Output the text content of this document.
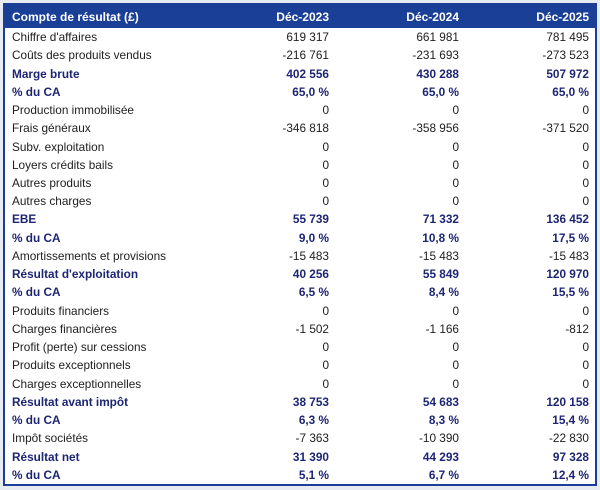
Compte de résultat (£)	Déc-2023	Déc-2024	Déc-2025
Chiffre d'affaires	619 317	661 981	781 495
Coûts des produits vendus	-216 761	-231 693	-273 523
Marge brute	402 556	430 288	507 972
% du CA	65,0 %	65,0 %	65,0 %
Production immobilisée	0	0	0
Frais généraux	-346 818	-358 956	-371 520
Subv. exploitation	0	0	0
Loyers crédits bails	0	0	0
Autres produits	0	0	0
Autres charges	0	0	0
EBE	55 739	71 332	136 452
% du CA	9,0 %	10,8 %	17,5 %
Amortissements et provisions	-15 483	-15 483	-15 483
Résultat d'exploitation	40 256	55 849	120 970
% du CA	6,5 %	8,4 %	15,5 %
Produits financiers	0	0	0
Charges financières	-1 502	-1 166	-812
Profit (perte) sur cessions	0	0	0
Produits exceptionnels	0	0	0
Charges exceptionnelles	0	0	0
Résultat avant impôt	38 753	54 683	120 158
% du CA	6,3 %	8,3 %	15,4 %
Impôt sociétés	-7 363	-10 390	-22 830
Résultat net	31 390	44 293	97 328
% du CA	5,1 %	6,7 %	12,4 %
